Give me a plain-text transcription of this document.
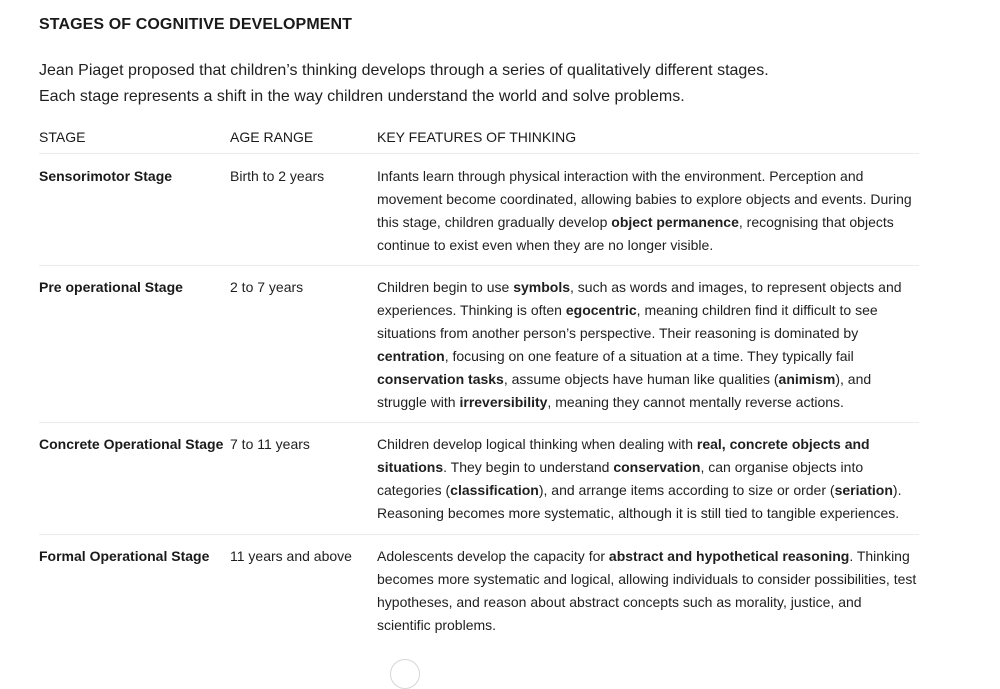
STAGES OF COGNITIVE DEVELOPMENT

Jean Piaget proposed that children’s thinking develops through a series of qualitatively different stages.

Each stage represents a shift in the way children understand the world and solve problems.

STAGE	AGE RANGE	KEY FEATURES OF THINKING
Sensorimotor Stage	Birth to 2 years	Infants learn through physical interaction with the environment. Perception and movement become coordinated, allowing babies to explore objects and events. During this stage, children gradually develop object permanence, recognising that objects continue to exist even when they are no longer visible.
Pre operational Stage	2 to 7 years	Children begin to use symbols, such as words and images, to represent objects and experiences. Thinking is often egocentric, meaning children find it difficult to see situations from another person’s perspective. Their reasoning is dominated by centration, focusing on one feature of a situation at a time. They typically fail conservation tasks, assume objects have human like qualities (animism), and struggle with irreversibility, meaning they cannot mentally reverse actions.
Concrete Operational Stage 7 to 11 years	Children develop logical thinking when dealing with real, concrete objects and situations. They begin to understand conservation, can organise objects into categories (classification), and arrange items according to size or order (seriation). Reasoning becomes more systematic, although it is still tied to tangible experiences.
Formal Operational Stage	11 years and above	Adolescents develop the capacity for abstract and hypothetical reasoning. Thinking becomes more systematic and logical, allowing individuals to consider possibilities, test hypotheses, and reason about abstract concepts such as morality, justice, and scientific problems.
